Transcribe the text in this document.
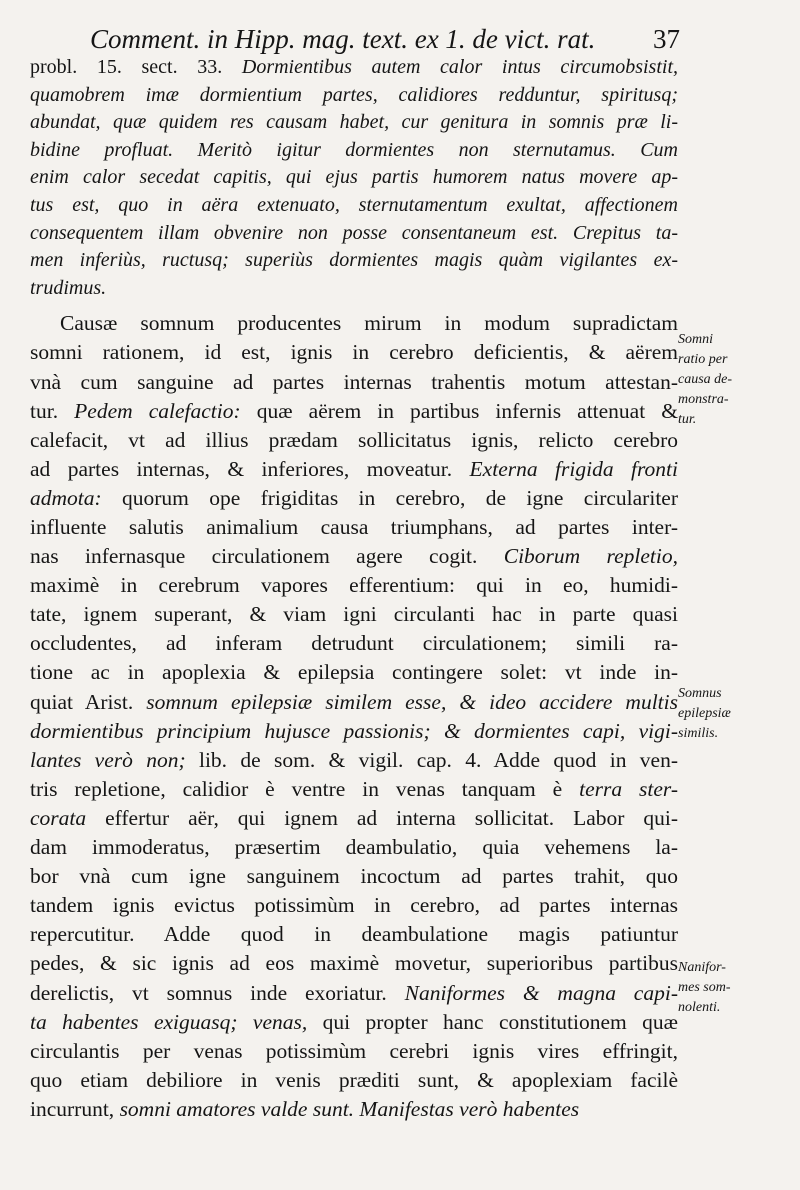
Comment. in Hipp. mag. text. ex 1. de vict. rat. 37
probl. 15. sect. 33. Dormientibus autem calor intus circumobsistit,
quamobrem imæ dormientium partes, calidiores redduntur, spiritusq;
abundat, quæ quidem res causam habet, cur genitura in somnis præ li-
bidine profluat. Meritò igitur dormientes non sternutamus. Cum
enim calor secedat capitis, qui ejus partis humorem natus movere ap-
tus est, quo in aëra extenuato, sternutamentum exultat, affectionem
consequentem illam obvenire non posse consentaneum est. Crepitus ta-
men inferiùs, ructusq; superiùs dormientes magis quàm vigilantes ex-
trudimus.
Causæ somnum producentes mirum in modum supradictam
somni rationem, id est, ignis in cerebro deficientis, & aërem
vnà cum sanguine ad partes internas trahentis motum attestan-
tur. Pedem calefactio: quæ aërem in partibus infernis attenuat &
calefacit, vt ad illius prædam sollicitatus ignis, relicto cerebro
ad partes internas, & inferiores, moveatur. Externa frigida fronti
admota: quorum ope frigiditas in cerebro, de igne circulariter
influente salutis animalium causa triumphans, ad partes inter-
nas infernasque circulationem agere cogit. Ciborum repletio,
maximè in cerebrum vapores efferentium: qui in eo, humidi-
tate, ignem superant, & viam igni circulanti hac in parte quasi
occludentes, ad inferam detrudunt circulationem; simili ra-
tione ac in apoplexia & epilepsia contingere solet: vt inde in-
quiat Arist. somnum epilepsiæ similem esse, & ideo accidere multis
dormientibus principium hujusce passionis; & dormientes capi, vigi-
lantes verò non; lib. de som. & vigil. cap. 4. Adde quod in ven-
tris repletione, calidior è ventre in venas tanquam è terra ster-
corata effertur aër, qui ignem ad interna sollicitat. Labor qui-
dam immoderatus, præsertim deambulatio, quia vehemens la-
bor vnà cum igne sanguinem incoctum ad partes trahit, quo
tandem ignis evictus potissimùm in cerebro, ad partes internas
repercutitur. Adde quod in deambulatione magis patiuntur
pedes, & sic ignis ad eos maximè movetur, superioribus partibus
derelictis, vt somnus inde exoriatur. Naniformes & magna capi-
ta habentes exiguasq; venas, qui propter hanc constitutionem quæ
circulantis per venas potissimùm cerebri ignis vires effringit,
quo etiam debiliore in venis præditi sunt, & apoplexiam facilè
incurrunt, somni amatores valde sunt. Manifestas verò habentes
Somni
ratio per
causa de-
monstra-
tur.
Somnus
epilepsiæ
similis.
Nanifor-
mes som-
nolenti.
